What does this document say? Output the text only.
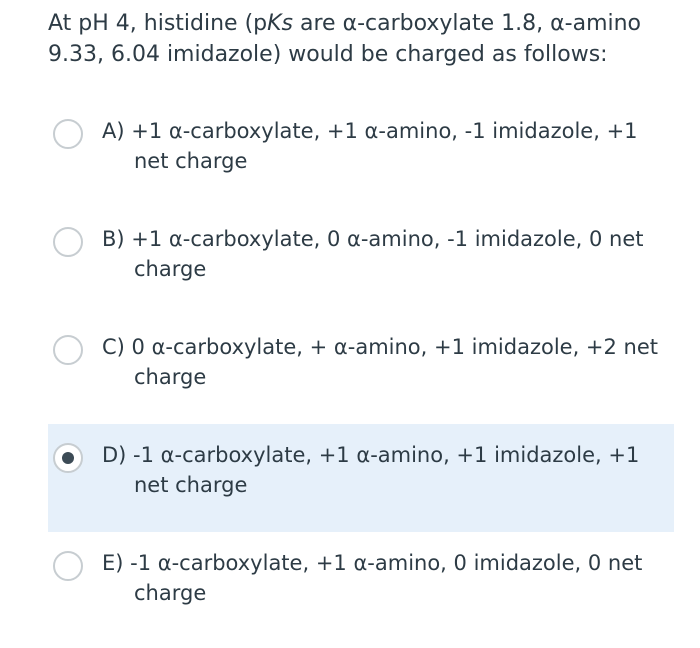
At pH 4, histidine (pKs are α-carboxylate 1.8, α-amino 9.33, 6.04 imidazole) would be charged as follows:
A) +1 α-carboxylate, +1 α-amino, -1 imidazole, +1 net charge
B) +1 α-carboxylate, 0 α-amino, -1 imidazole, 0 net charge
C) 0 α-carboxylate, + α-amino, +1 imidazole, +2 net charge
D) -1 α-carboxylate, +1 α-amino, +1 imidazole, +1 net charge
E) -1 α-carboxylate, +1 α-amino, 0 imidazole, 0 net charge
